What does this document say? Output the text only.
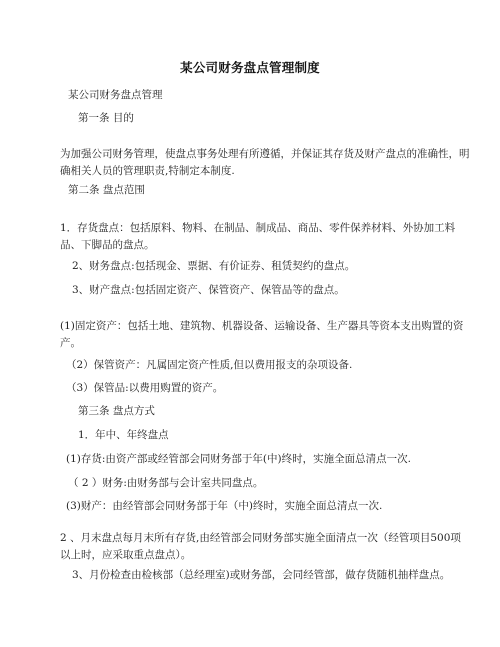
某公司财务盘点管理制度
某公司财务盘点管理
第一条 目的
为加强公司财务管理，使盘点事务处理有所遵循，并保证其存货及财产盘点的准确性，明确相关人员的管理职责,特制定本制度.
第二条 盘点范围
1．存货盘点：包括原料、物料、在制品、制成品、商品、零件保养材料、外协加工料品、下脚品的盘点。
2、财务盘点:包括现金、票据、有价证券、租赁契约的盘点。
3、财产盘点:包括固定资产、保管资产、保管品等的盘点。
(1)固定资产：包括土地、建筑物、机器设备、运输设备、生产器具等资本支出购置的资产。
（2）保管资产：凡属固定资产性质,但以费用报支的杂项设备.
（3）保管品:以费用购置的资产。
第三条 盘点方式
1．年中、年终盘点
(1)存货:由资产部或经管部会同财务部于年(中)终时，实施全面总清点一次.
（ 2 ）财务:由财务部与会计室共同盘点。
(3)财产：由经管部会同财务部于年（中)终时，实施全面总清点一次.
2 、月末盘点每月末所有存货,由经管部会同财务部实施全面清点一次（经管项目500项以上时，应采取重点盘点）。
3、月份检查由检核部（总经理室)或财务部，会同经管部，做存货随机抽样盘点。
